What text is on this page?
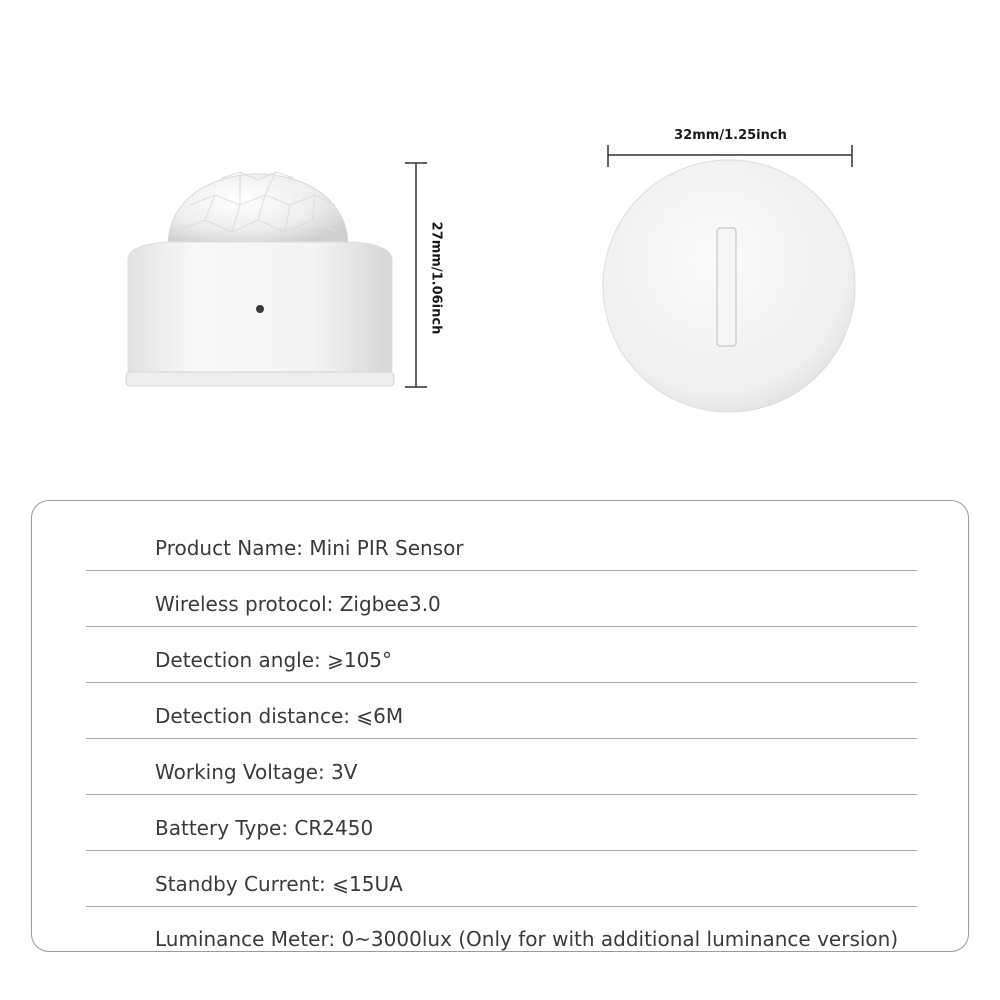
32mm/1.25inch
27mm/1.06inch
Product Name: Mini PIR Sensor
Wireless protocol: Zigbee3.0
Detection angle: ⩾105°
Detection distance: ⩽6M
Working Voltage: 3V
Battery Type: CR2450
Standby Current: ⩽15UA
Luminance Meter: 0~3000lux (Only for with additional luminance version)
